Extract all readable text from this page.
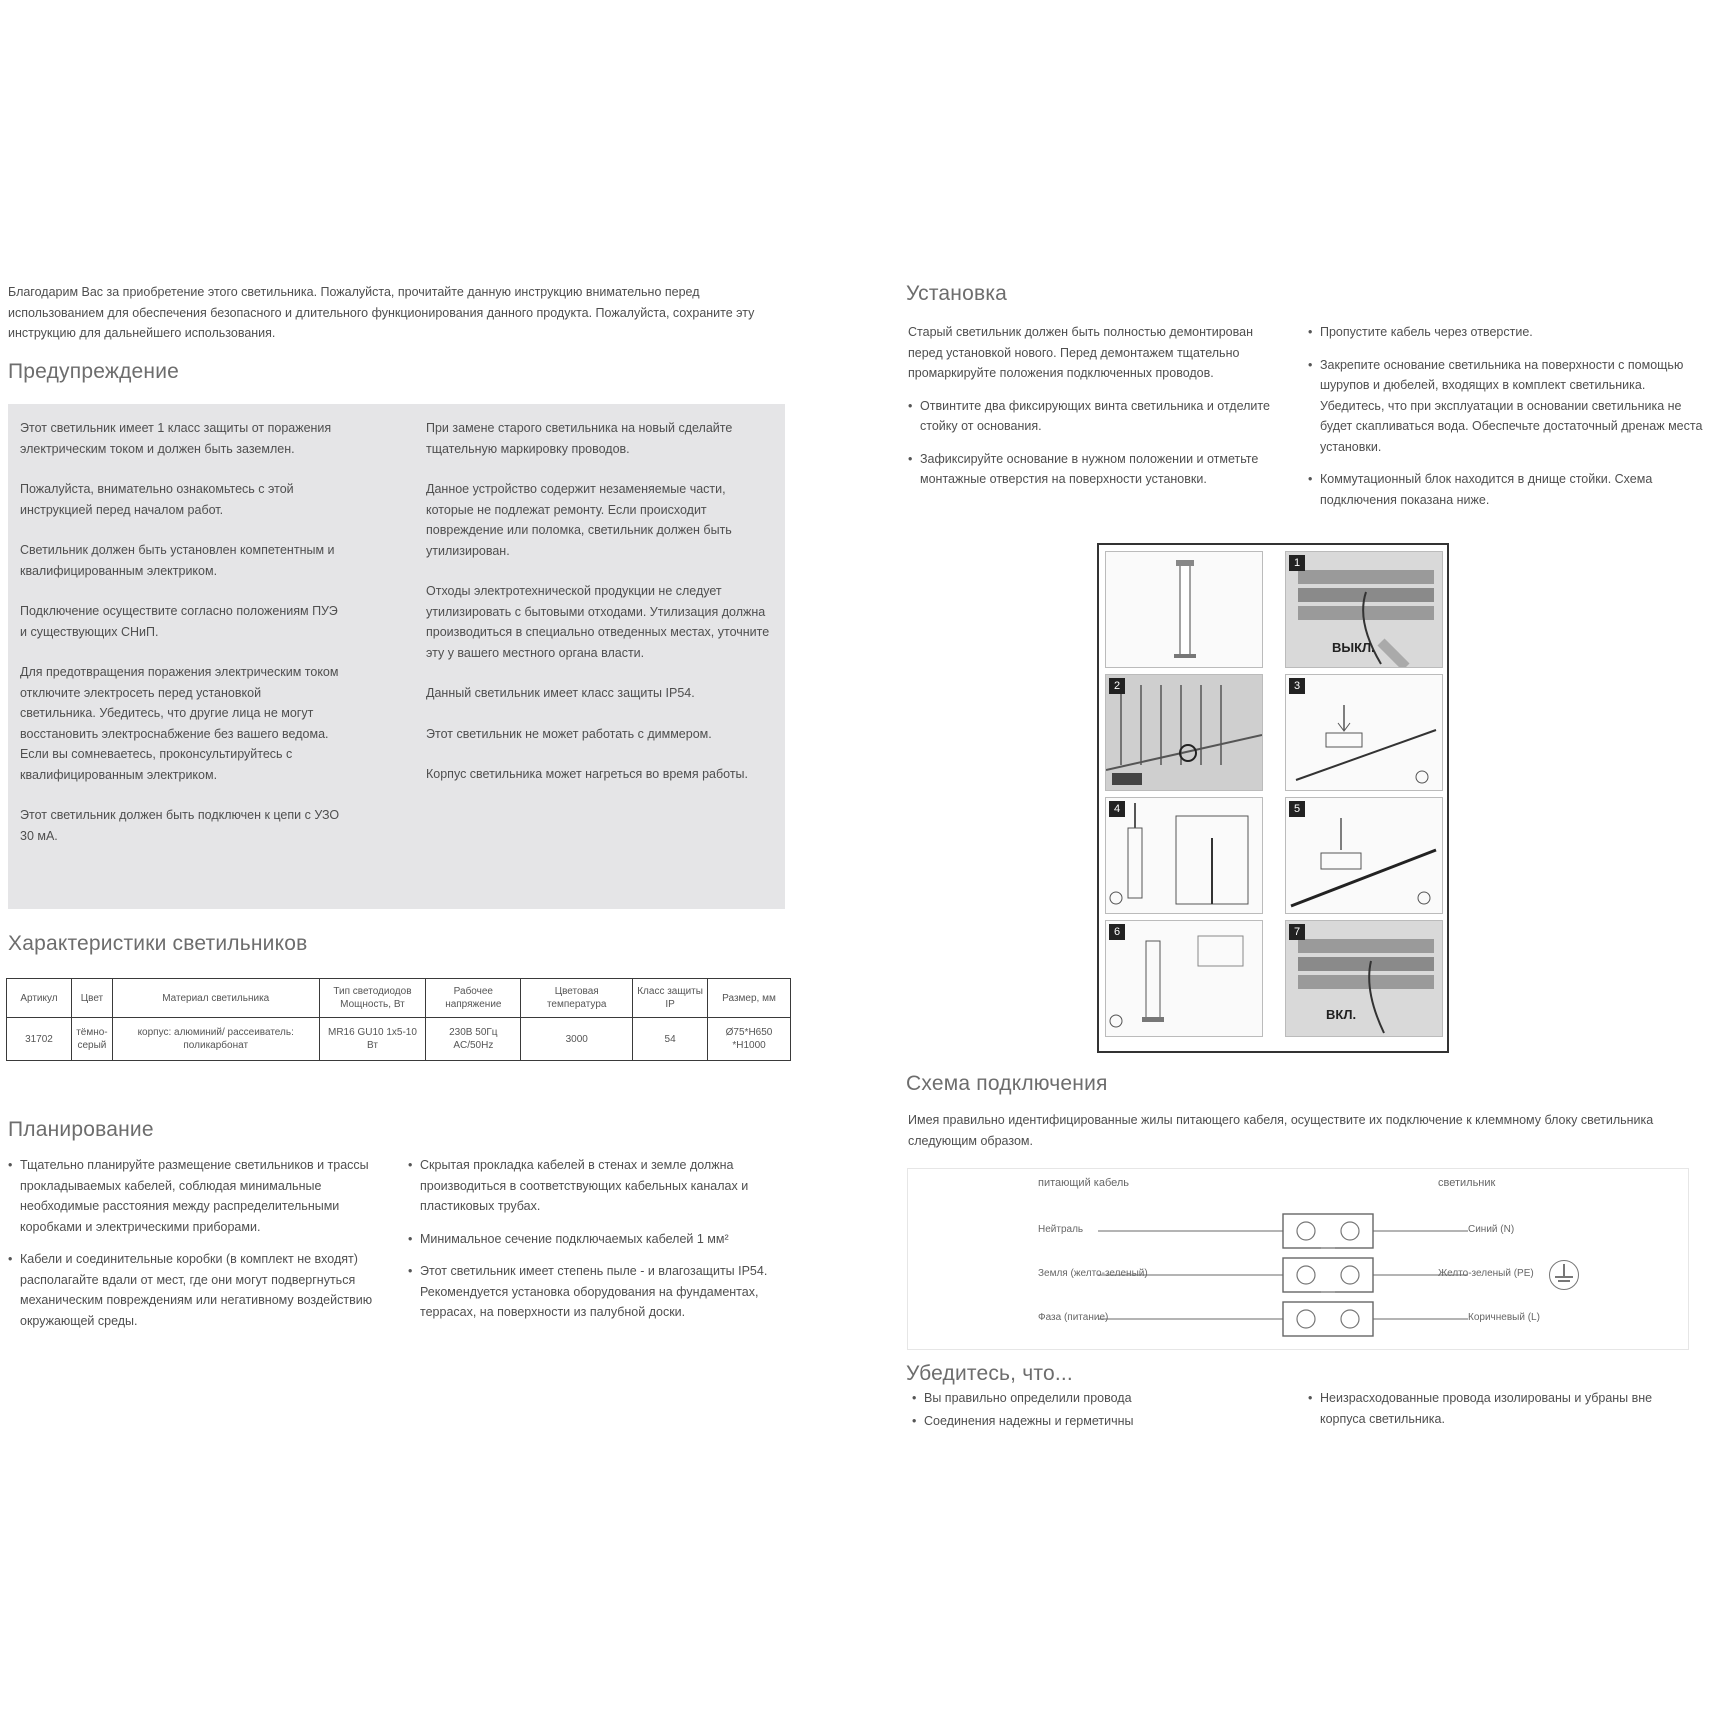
Благодарим Вас за приобретение этого светильника. Пожалуйста, прочитайте данную инструкцию внимательно перед использованием для обеспечения безопасного и длительного функционирования данного продукта. Пожалуйста, сохраните эту инструкцию для дальнейшего использования.

Предупреждение

Этот светильник имеет 1 класс защиты от поражения электрическим током и должен быть заземлен.

Пожалуйста, внимательно ознакомьтесь с этой инструкцией перед началом работ.

Светильник должен быть установлен компетентным и квалифицированным электриком.

Подключение осуществите согласно положениям ПУЭ и существующих СНиП.

Для предотвращения поражения электрическим током отключите электросеть перед установкой светильника. Убедитесь, что другие лица не могут восстановить электроснабжение без вашего ведома. Если вы сомневаетесь, проконсультируйтесь с квалифицированным электриком.

Этот светильник должен быть подключен к цепи с УЗО 30 мА.

При замене старого светильника на новый сделайте тщательную маркировку проводов.

Данное устройство содержит незаменяемые части, которые не подлежат ремонту. Если происходит повреждение или поломка, светильник должен быть утилизирован.

Отходы электротехнической продукции не следует утилизировать с бытовыми отходами. Утилизация должна производиться в специально отведенных местах, уточните эту у вашего местного органа власти.

Данный светильник имеет класс защиты IP54.

Этот светильник не может работать с диммером.

Корпус светильника может нагреться во время работы.

Характеристики светильников
Артикул	Цвет	Материал светильника	Тип светодиодов Мощность, Вт	Рабочее напряжение	Цветовая температура	Класс защиты IP	Размер, мм
31702	тёмно-серый	корпус: алюминий/ рассеиватель: поликарбонат	MR16 GU10 1х5-10 Вт	230В 50Гц AC/50Hz	3000	54	Ø75*H650 *H1000
Планирование
• Тщательно планируйте размещение светильников и трассы прокладываемых кабелей, соблюдая минимальные необходимые расстояния между распределительными коробками и электрическими приборами.
• Кабели и соединительные коробки (в комплект не входят) располагайте вдали от мест, где они могут подвергнуться механическим повреждениям или негативному воздействию окружающей среды.
• Скрытая прокладка кабелей в стенах и земле должна производиться в соответствующих кабельных каналах и пластиковых трубах.
• Минимальное сечение подключаемых кабелей 1 мм²
• Этот светильник имеет степень пыле - и влагозащиты IP54. Рекомендуется установка оборудования на фундаментах, террасах, на поверхности из палубной доски.
Установка

Старый светильник должен быть полностью демонтирован перед установкой нового. Перед демонтажем тщательно промаркируйте положения подключенных проводов.

• Отвинтите два фиксирующих винта светильника и отделите стойку от основания.
• Зафиксируйте основание в нужном положении и отметьте монтажные отверстия на поверхности установки.
• Пропустите кабель через отверстие.
• Закрепите основание светильника на поверхности с помощью шурупов и дюбелей, входящих в комплект светильника. Убедитесь, что при эксплуатации в основании светильника не будет скапливаться вода. Обеспечьте достаточный дренаж места установки.
• Коммутационный блок находится в днище стойки. Схема подключения показана ниже.
1
ВЫКЛ.
2	3
4	5
6	7
ВКЛ.
Схема подключения

Имея правильно идентифицированные жилы питающего кабеля, осуществите их подключение к клеммному блоку светильника следующим образом.

питающий кабель	светильник
Нейтраль
Земля (желто-зеленый)
Фаза (питание)
Синий (N)
Желто-зеленый (PE)
Коричневый (L)
Убедитесь, что...
• Вы правильно определили провода
• Соединения надежны и герметичны
• Неизрасходованные провода изолированы и убраны вне корпуса светильника.
